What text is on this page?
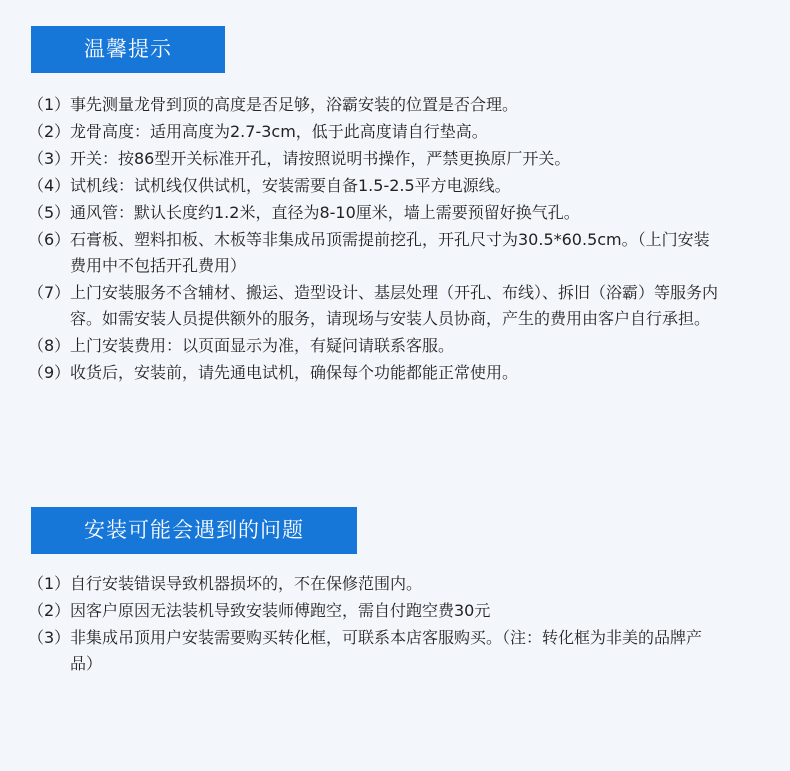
温馨提示
（1） 事先测量龙骨到顶的高度是否足够，浴霸安装的位置是否合理。
（2） 龙骨高度：适用高度为2.7-3cm，低于此高度请自行垫高。
（3） 开关：按86型开关标准开孔，请按照说明书操作，严禁更换原厂开关。
（4） 试机线：试机线仅供试机，安装需要自备1.5-2.5平方电源线。
（5） 通风管：默认长度约1.2米，直径为8-10厘米，墙上需要预留好换气孔。
（6） 石膏板、塑料扣板、木板等非集成吊顶需提前挖孔，开孔尺寸为30.5*60.5cm。（上门安装费用中不包括开孔费用）
（7） 上门安装服务不含辅材、搬运、造型设计、基层处理（开孔、布线）、拆旧（浴霸）等服务内容。如需安装人员提供额外的服务，请现场与安装人员协商，产生的费用由客户自行承担。
（8） 上门安装费用：以页面显示为准，有疑问请联系客服。
（9） 收货后，安装前，请先通电试机，确保每个功能都能正常使用。
安装可能会遇到的问题
（1） 自行安装错误导致机器损坏的，不在保修范围内。
（2） 因客户原因无法装机导致安装师傅跑空，需自付跑空费30元
（3） 非集成吊顶用户安装需要购买转化框，可联系本店客服购买。（注：转化框为非美的品牌产品）
